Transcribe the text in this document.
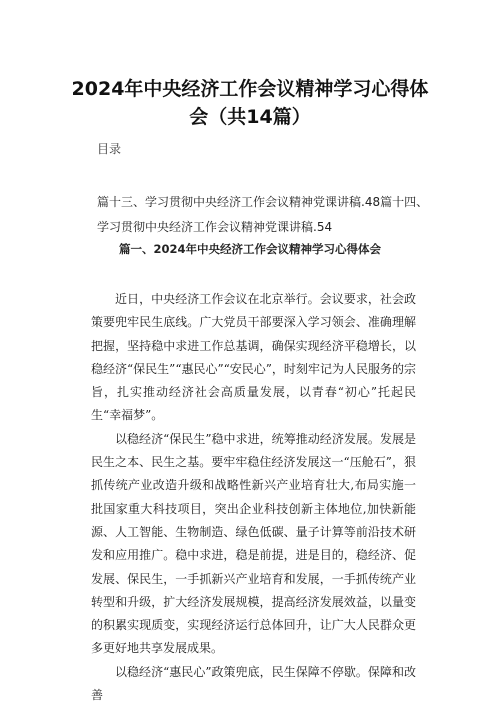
2024年中央经济工作会议精神学习心得体
会（共14篇）
目录
篇十三、学习贯彻中央经济工作会议精神党课讲稿.48篇十四、
学习贯彻中央经济工作会议精神党课讲稿.54
篇一、2024年中央经济工作会议精神学习心得体会

近日，中央经济工作会议在北京举行。会议要求，社会政策要兜牢民生底线。广大党员干部要深入学习领会、准确理解把握，坚持稳中求进工作总基调，确保实现经济平稳增长，以稳经济“保民生”“惠民心”“安民心”，时刻牢记为人民服务的宗旨，扎实推动经济社会高质量发展，以青春“初心”托起民生“幸福梦”。

以稳经济“保民生”稳中求进，统筹推动经济发展。发展是民生之本、民生之基。要牢牢稳住经济发展这一“压舱石”，狠抓传统产业改造升级和战略性新兴产业培育壮大,布局实施一批国家重大科技项目，突出企业科技创新主体地位,加快新能源、人工智能、生物制造、绿色低碳、量子计算等前沿技术研发和应用推广。稳中求进，稳是前提，进是目的，稳经济、促发展、保民生，一手抓新兴产业培育和发展，一手抓传统产业转型和升级，扩大经济发展规模，提高经济发展效益，以量变的积累实现质变，实现经济运行总体回升，让广大人民群众更多更好地共享发展成果。

以稳经济“惠民心”政策兜底，民生保障不停歇。保障和改善
